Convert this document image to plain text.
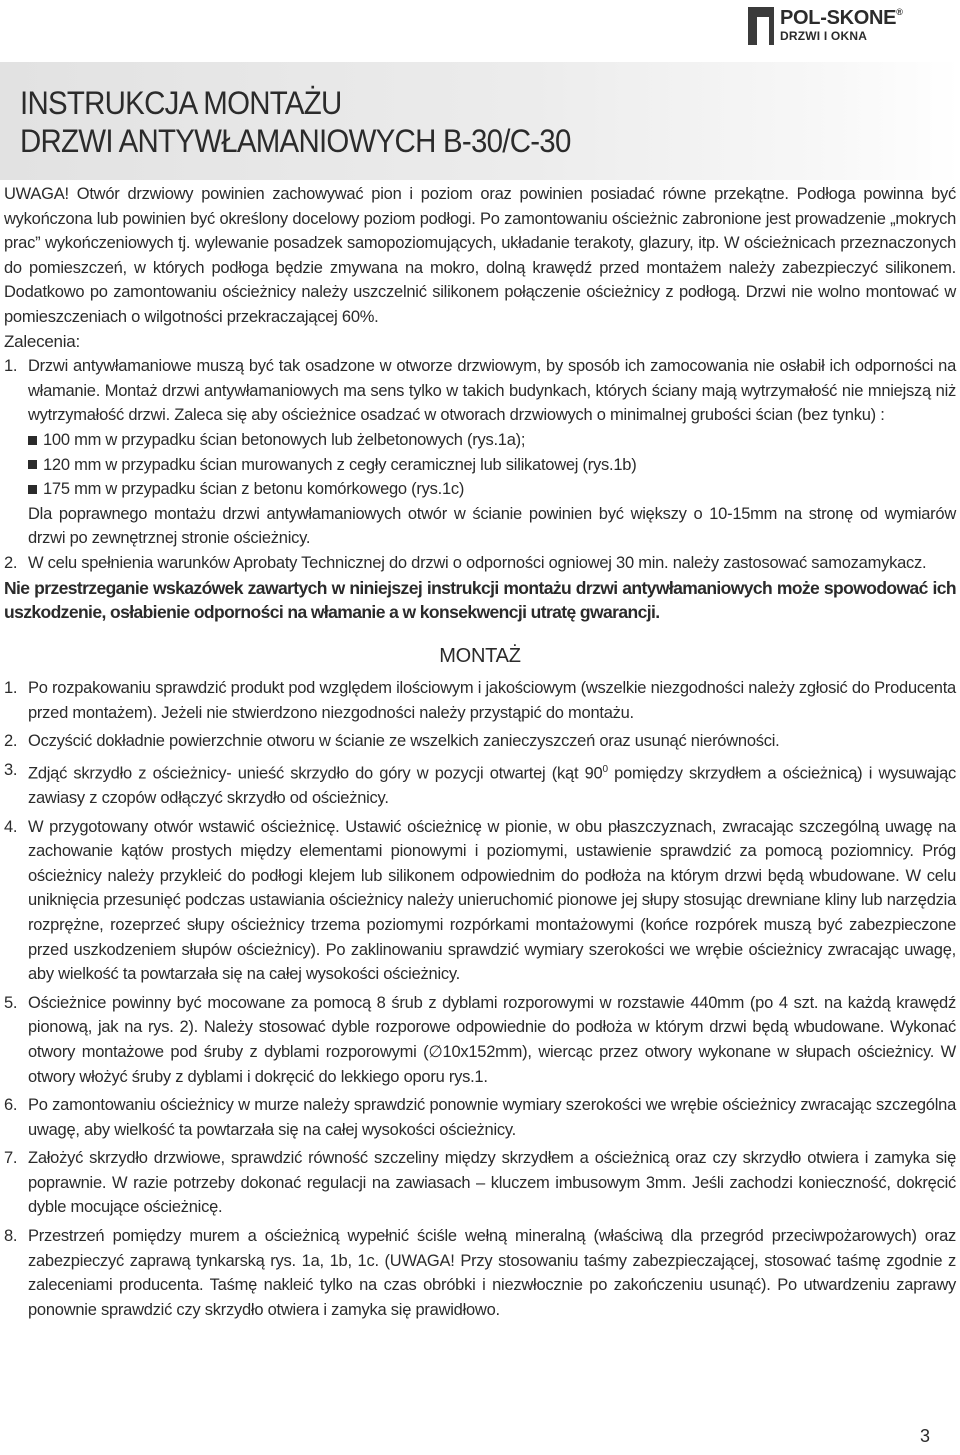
POL-SKONE®
DRZWI I OKNA
INSTRUKCJA MONTAŻU
DRZWI ANTYWŁAMANIOWYCH B-30/C-30

UWAGA! Otwór drzwiowy powinien zachowywać pion i poziom oraz powinien posiadać równe przekątne. Podłoga powinna być wykończona lub powinien być określony docelowy poziom podłogi. Po zamontowaniu ościeżnic zabronione jest prowadzenie „mokrych prac” wykończeniowych tj. wylewanie posadzek samopoziomujących, układanie terakoty, glazury, itp. W ościeżnicach przeznaczonych do pomieszczeń, w których podłoga będzie zmywana na mokro, dolną krawędź przed montażem należy zabezpieczyć silikonem. Dodatkowo po zamontowaniu ościeżnicy należy uszczelnić silikonem połączenie ościeżnicy z podłogą. Drzwi nie wolno montować w pomieszczeniach o wilgotności przekraczającej 60%.

Zalecenia:
1. Drzwi antywłamaniowe muszą być tak osadzone w otworze drzwiowym, by sposób ich zamocowania nie osłabił ich odporności na włamanie. Montaż drzwi antywłamaniowych ma sens tylko w takich budynkach, których ściany mają wytrzymałość nie mniejszą niż wytrzymałość drzwi. Zaleca się aby ościeżnice osadzać w otworach drzwiowych o minimalnej grubości ścian (bez tynku) :
100 mm w przypadku ścian betonowych lub żelbetonowych (rys.1a);
120 mm w przypadku ścian murowanych z cegły ceramicznej lub silikatowej (rys.1b)
175 mm w przypadku ścian z betonu komórkowego (rys.1c)
Dla poprawnego montażu drzwi antywłamaniowych otwór w ścianie powinien być większy o 10-15mm na stronę od wymiarów drzwi po zewnętrznej stronie ościeżnicy.
2. W celu spełnienia warunków Aprobaty Technicznej do drzwi o odporności ogniowej 30 min. należy zastosować samozamykacz.

Nie przestrzeganie wskazówek zawartych w niniejszej instrukcji montażu drzwi antywłamaniowych może spowodować ich uszkodzenie, osłabienie odporności na włamanie a w konsekwencji utratę gwarancji.

MONTAŻ
1. Po rozpakowaniu sprawdzić produkt pod względem ilościowym i jakościowym (wszelkie niezgodności należy zgłosić do Producenta przed montażem). Jeżeli nie stwierdzono niezgodności należy przystąpić do montażu.
2. Oczyścić dokładnie powierzchnie otworu w ścianie ze wszelkich zanieczyszczeń oraz usunąć nierówności.
3. Zdjąć skrzydło z ościeżnicy- unieść skrzydło do góry w pozycji otwartej (kąt $90^0$ pomiędzy skrzydłem a ościeżnicą) i wysuwając zawiasy z czopów odłączyć skrzydło od ościeżnicy.
4. W przygotowany otwór wstawić ościeżnicę. Ustawić ościeżnicę w pionie, w obu płaszczyznach, zwracając szczególną uwagę na zachowanie kątów prostych między elementami pionowymi i poziomymi, ustawienie sprawdzić za pomocą poziomnicy. Próg ościeżnicy należy przykleić do podłogi klejem lub silikonem odpowiednim do podłoża na którym drzwi będą wbudowane. W celu uniknięcia przesunięć podczas ustawiania ościeżnicy należy unieruchomić pionowe jej słupy stosując drewniane kliny lub narzędzia rozprężne, rozeprzeć słupy ościeżnicy trzema poziomymi rozpórkami montażowymi (końce rozpórek muszą być zabezpieczone przed uszkodzeniem słupów ościeżnicy). Po zaklinowaniu sprawdzić wymiary szerokości we wrębie ościeżnicy zwracając uwagę, aby wielkość ta powtarzała się na całej wysokości ościeżnicy.
5. Ościeżnice powinny być mocowane za pomocą 8 śrub z dyblami rozporowymi w rozstawie 440mm (po 4 szt. na każdą krawędź pionową, jak na rys. 2). Należy stosować dyble rozporowe odpowiednie do podłoża w którym drzwi będą wbudowane. Wykonać otwory montażowe pod śruby z dyblami rozporowymi (∅10x152mm), wiercąc przez otwory wykonane w słupach ościeżnicy. W otwory włożyć śruby z dyblami i dokręcić do lekkiego oporu rys.1.
6. Po zamontowaniu ościeżnicy w murze należy sprawdzić ponownie wymiary szerokości we wrębie ościeżnicy zwracając szczególna uwagę, aby wielkość ta powtarzała się na całej wysokości ościeżnicy.
7. Założyć skrzydło drzwiowe, sprawdzić równość szczeliny między skrzydłem a ościeżnicą oraz czy skrzydło otwiera i zamyka się poprawnie. W razie potrzeby dokonać regulacji na zawiasach – kluczem imbusowym 3mm. Jeśli zachodzi konieczność, dokręcić dyble mocujące ościeżnicę.
8. Przestrzeń pomiędzy murem a ościeżnicą wypełnić ściśle wełną mineralną (właściwą dla przegród przeciwpożarowych) oraz zabezpieczyć zaprawą tynkarską rys. 1a, 1b, 1c. (UWAGA! Przy stosowaniu taśmy zabezpieczającej, stosować taśmę zgodnie z zaleceniami producenta. Taśmę nakleić tylko na czas obróbki i niezwłocznie po zakończeniu usunąć). Po utwardzeniu zaprawy ponownie sprawdzić czy skrzydło otwiera i zamyka się prawidłowo.
3
